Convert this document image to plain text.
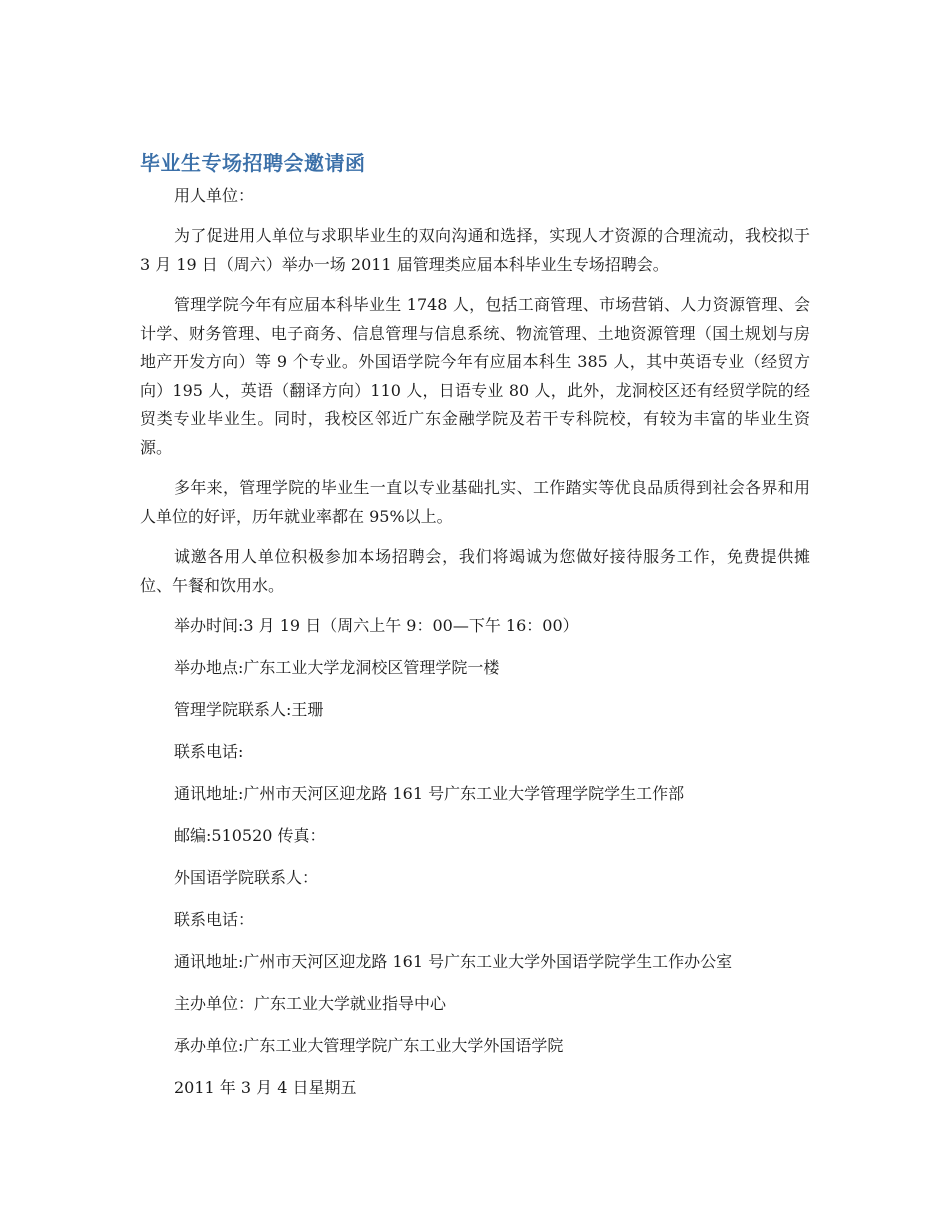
毕业生专场招聘会邀请函

用人单位：

为了促进用人单位与求职毕业生的双向沟通和选择，实现人才资源的合理流动，我校拟于 3 月 19 日（周六）举办一场 2011 届管理类应届本科毕业生专场招聘会。

管理学院今年有应届本科毕业生 1748 人，包括工商管理、市场营销、人力资源管理、会计学、财务管理、电子商务、信息管理与信息系统、物流管理、土地资源管理（国土规划与房地产开发方向）等 9 个专业。外国语学院今年有应届本科生 385 人，其中英语专业（经贸方向）195 人，英语（翻译方向）110 人，日语专业 80 人，此外，龙洞校区还有经贸学院的经贸类专业毕业生。同时，我校区邻近广东金融学院及若干专科院校，有较为丰富的毕业生资源。

多年来，管理学院的毕业生一直以专业基础扎实、工作踏实等优良品质得到社会各界和用人单位的好评，历年就业率都在 95%以上。

诚邀各用人单位积极参加本场招聘会，我们将竭诚为您做好接待服务工作，免费提供摊位、午餐和饮用水。

举办时间:3 月 19 日（周六上午 9：00—下午 16：00）

举办地点:广东工业大学龙洞校区管理学院一楼

管理学院联系人:王珊

联系电话:

通讯地址:广州市天河区迎龙路 161 号广东工业大学管理学院学生工作部

邮编:510520 传真：

外国语学院联系人：

联系电话：

通讯地址:广州市天河区迎龙路 161 号广东工业大学外国语学院学生工作办公室

主办单位：广东工业大学就业指导中心

承办单位:广东工业大管理学院广东工业大学外国语学院

2011 年 3 月 4 日星期五
